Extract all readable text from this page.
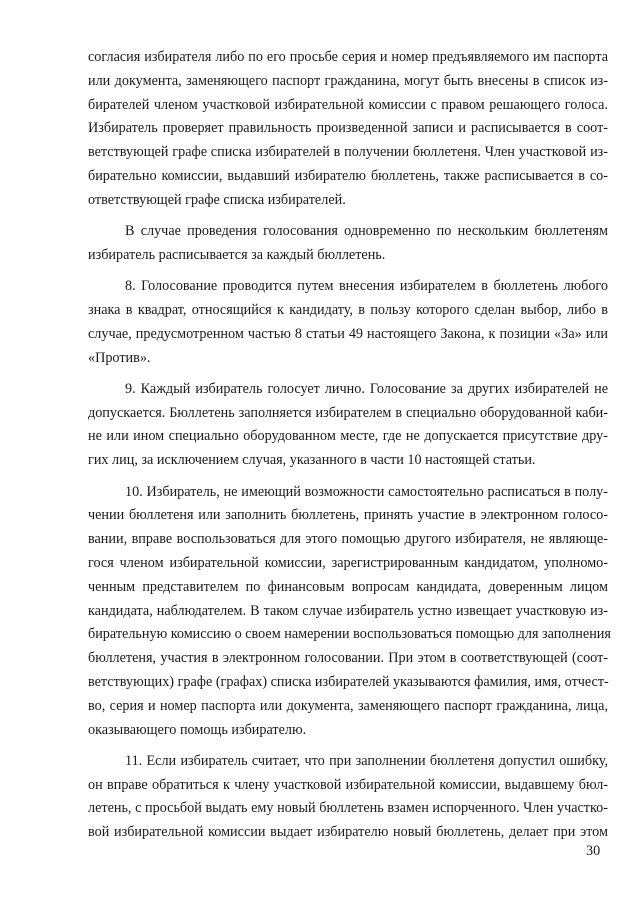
согласия избирателя либо по его просьбе серия и номер предъявляемого им паспорта
или документа, заменяющего паспорт гражданина, могут быть внесены в список из-
бирателей членом участковой избирательной комиссии с правом решающего голоса.
Избиратель проверяет правильность произведенной записи и расписывается в соот-
ветствующей графе списка избирателей в получении бюллетеня. Член участковой из-
бирательно комиссии, выдавший избирателю бюллетень, также расписывается в со-
ответствующей графе списка избирателей.
В случае проведения голосования одновременно по нескольким бюллетеням
избиратель расписывается за каждый бюллетень.
8. Голосование проводится путем внесения избирателем в бюллетень любого
знака в квадрат, относящийся к кандидату, в пользу которого сделан выбор, либо в
случае, предусмотренном частью 8 статьи 49 настоящего Закона, к позиции «За» или
«Против».
9. Каждый избиратель голосует лично. Голосование за других избирателей не
допускается. Бюллетень заполняется избирателем в специально оборудованной каби-
не или ином специально оборудованном месте, где не допускается присутствие дру-
гих лиц, за исключением случая, указанного в части 10 настоящей статьи.
10. Избиратель, не имеющий возможности самостоятельно расписаться в полу-
чении бюллетеня или заполнить бюллетень, принять участие в электронном голосо-
вании, вправе воспользоваться для этого помощью другого избирателя, не являюще-
гося членом избирательной комиссии, зарегистрированным кандидатом, уполномо-
ченным представителем по финансовым вопросам кандидата, доверенным лицом
кандидата, наблюдателем. В таком случае избиратель устно извещает участковую из-
бирательную комиссию о своем намерении воспользоваться помощью для заполнения
бюллетеня, участия в электронном голосовании. При этом в соответствующей (соот-
ветствующих) графе (графах) списка избирателей указываются фамилия, имя, отчест-
во, серия и номер паспорта или документа, заменяющего паспорт гражданина, лица,
оказывающего помощь избирателю.
11. Если избиратель считает, что при заполнении бюллетеня допустил ошибку,
он вправе обратиться к члену участковой избирательной комиссии, выдавшему бюл-
летень, с просьбой выдать ему новый бюллетень взамен испорченного. Член участко-
вой избирательной комиссии выдает избирателю новый бюллетень, делает при этом
30
